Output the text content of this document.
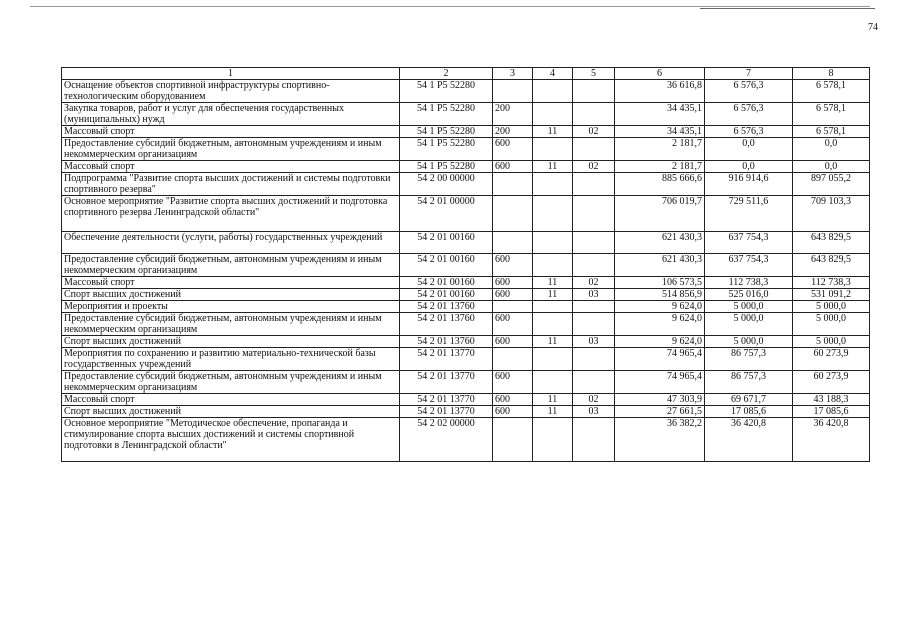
74
1	2	3	4	5	6	7	8
Оснащение объектов спортивной инфраструктуры спортивно-технологическим оборудованием	54 1 P5 52280				36 616,8	6 576,3	6 578,1
Закупка товаров, работ и услуг для обеспечения государственных (муниципальных) нужд	54 1 P5 52280	200			34 435,1	6 576,3	6 578,1
Массовый спорт	54 1 P5 52280	200	11	02	34 435,1	6 576,3	6 578,1
Предоставление субсидий бюджетным, автономным учреждениям и иным некоммерческим организациям	54 1 P5 52280	600			2 181,7	0,0	0,0
Массовый спорт	54 1 P5 52280	600	11	02	2 181,7	0,0	0,0
Подпрограмма "Развитие спорта высших достижений и системы подготовки спортивного резерва"	54 2 00 00000				885 666,6	916 914,6	897 055,2
Основное мероприятие "Развитие спорта высших достижений и подготовка спортивного резерва Ленинградской области"	54 2 01 00000				706 019,7	729 511,6	709 103,3
Обеспечение деятельности (услуги, работы) государственных учреждений	54 2 01 00160				621 430,3	637 754,3	643 829,5
Предоставление субсидий бюджетным, автономным учреждениям и иным некоммерческим организациям	54 2 01 00160	600			621 430,3	637 754,3	643 829,5
Массовый спорт	54 2 01 00160	600	11	02	106 573,5	112 738,3	112 738,3
Спорт высших достижений	54 2 01 00160	600	11	03	514 856,9	525 016,0	531 091,2
Мероприятия и проекты	54 2 01 13760				9 624,0	5 000,0	5 000,0
Предоставление субсидий бюджетным, автономным учреждениям и иным некоммерческим организациям	54 2 01 13760	600			9 624,0	5 000,0	5 000,0
Спорт высших достижений	54 2 01 13760	600	11	03	9 624,0	5 000,0	5 000,0
Мероприятия по сохранению и развитию материально-технической базы государственных учреждений	54 2 01 13770				74 965,4	86 757,3	60 273,9
Предоставление субсидий бюджетным, автономным учреждениям и иным некоммерческим организациям	54 2 01 13770	600			74 965,4	86 757,3	60 273,9
Массовый спорт	54 2 01 13770	600	11	02	47 303,9	69 671,7	43 188,3
Спорт высших достижений	54 2 01 13770	600	11	03	27 661,5	17 085,6	17 085,6
Основное мероприятие "Методическое обеспечение, пропаганда и стимулирование спорта высших достижений и системы спортивной подготовки в Ленинградской области"	54 2 02 00000				36 382,2	36 420,8	36 420,8
